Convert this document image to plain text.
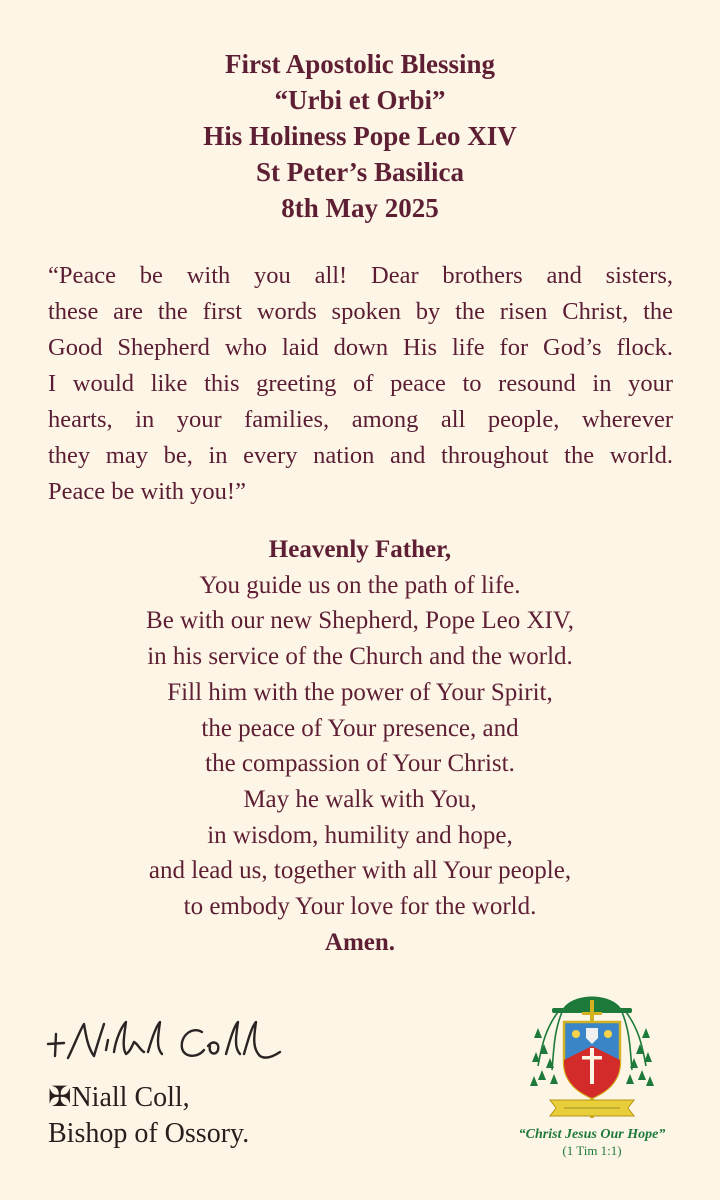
First Apostolic Blessing
“Urbi et Orbi”
His Holiness Pope Leo XIV
St Peter’s Basilica
8th May 2025
“Peace be with you all! Dear brothers and sisters,
these are the first words spoken by the risen Christ, the
Good Shepherd who laid down His life for God’s flock.
I would like this greeting of peace to resound in your
hearts, in your families, among all people, wherever
they may be, in every nation and throughout the world.
Peace be with you!”
Heavenly Father,
You guide us on the path of life.
Be with our new Shepherd, Pope Leo XIV,
in his service of the Church and the world.
Fill him with the power of Your Spirit,
the peace of Your presence, and
the compassion of Your Christ.
May he walk with You,
in wisdom, humility and hope,
and lead us, together with all Your people,
to embody Your love for the world.
Amen.
✠Niall Coll,
Bishop of Ossory.	“Christ Jesus Our Hope”
(1 Tim 1:1)
